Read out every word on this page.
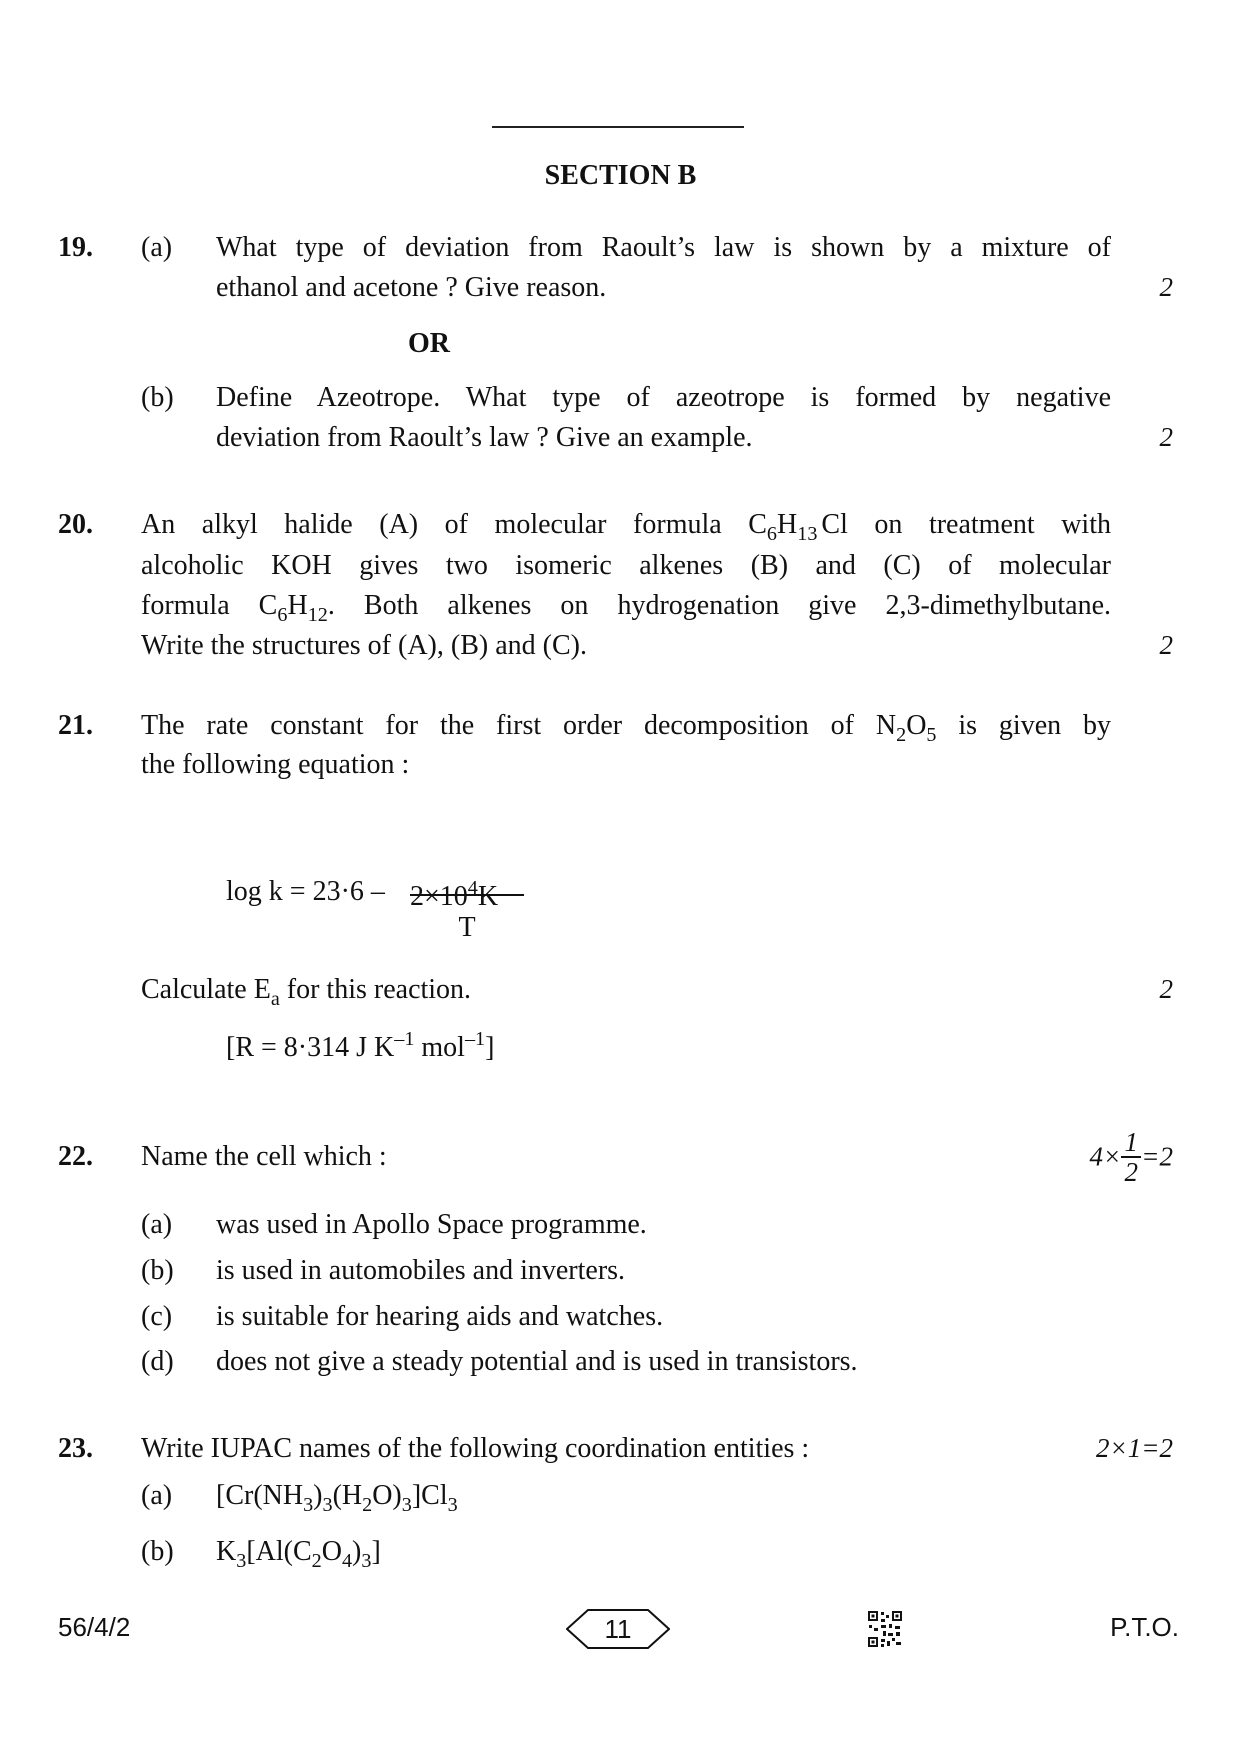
SECTION B
19. (a) What type of deviation from Raoult’s law is shown by a mixture of
ethanol and acetone ? Give reason.	2
OR
(b) Define Azeotrope. What type of azeotrope is formed by negative
deviation from Raoult’s law ? Give an example.	2
20. An alkyl halide (A) of molecular formula $C_6H_{13}$ Cl on treatment with
alcoholic KOH gives two isomeric alkenes (B) and (C) of molecular
formula $C_6H_{12}$. Both alkenes on hydrogenation give 2,3-dimethylbutane.
Write the structures of (A), (B) and (C).	2
21. The rate constant for the first order decomposition of $N_2O_5$ is given by
the following equation :
$\log k = 23\cdot 6 - 2\times 10^4K$
T
Calculate $E_a$ for this reaction.	2
[R = 8·314 J $K^{-1}$ mol$^{-1}$]
22. Name the cell which :	$4\times \frac{1}{2} =2$
(a) was used in Apollo Space programme.
(b) is used in automobiles and inverters.
(c) is suitable for hearing aids and watches.
(d) does not give a steady potential and is used in transistors.
23. Write IUPAC names of the following coordination entities :	2×1=2
(a) $[Cr(NH_3)_3(H_2O)_3]Cl_3$
(b) $K_3[Al(C_2O_4)_3]$
56/4/2	11	P.T.O.
